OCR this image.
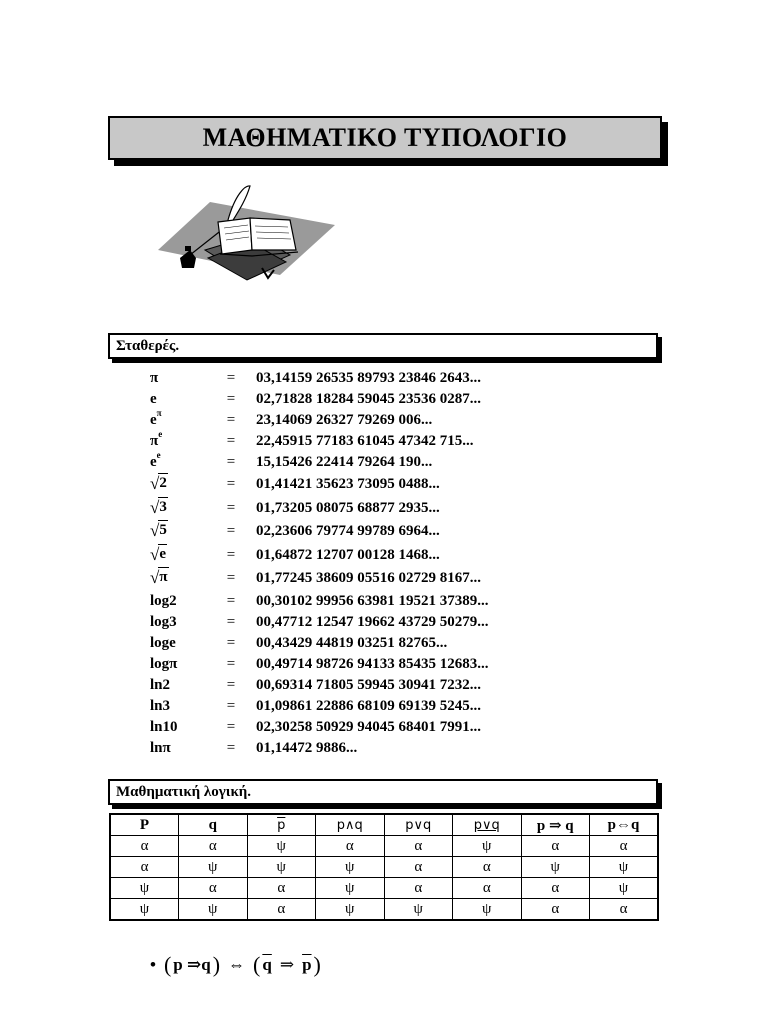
ΜΑΘΗΜΑΤΙΚΟ ΤΥΠΟΛΟΓΙΟ
Σταθερές.
π	=	03,14159 26535 89793 23846 2643...
e	=	02,71828 18284 59045 23536 0287...
$e^\pi$	=	23,14069 26327 79269 006...
$\pi^e$	=	22,45915 77183 61045 47342 715...
$e^e$	=	15,15426 22414 79264 190...
√ 2	=	01,41421 35623 73095 0488...
√ 3	=	01,73205 08075 68877 2935...
√ 5	=	02,23606 79774 99789 6964...
√ e	=	01,64872 12707 00128 1468...
√ π	=	01,77245 38609 05516 02729 8167...
log2	=	00,30102 99956 63981 19521 37389...
log3	=	00,47712 12547 19662 43729 50279...
loge	=	00,43429 44819 03251 82765...
logπ	=	00,49714 98726 94133 85435 12683...
ln2	=	00,69314 71805 59945 30941 7232...
ln3	=	01,09861 22886 68109 69139 5245...
ln10	=	02,30258 50929 94045 68401 7991...
lnπ	=	01,14472 9886...
Μαθηματική λογική.
P	q	$\overline{p}$	p∧q	p∨q	p∨q	p ⇒ q	p⇔q
α	α	ψ	α	α	ψ	α	α
α	ψ	ψ	ψ	α	α	ψ	ψ
ψ	α	α	ψ	α	α	α	ψ
ψ	ψ	α	ψ	ψ	ψ	α	α
• ( p ⇒q ) ⇔ ( $\overline{q}$ ⇒ $\overline{p}$ )
